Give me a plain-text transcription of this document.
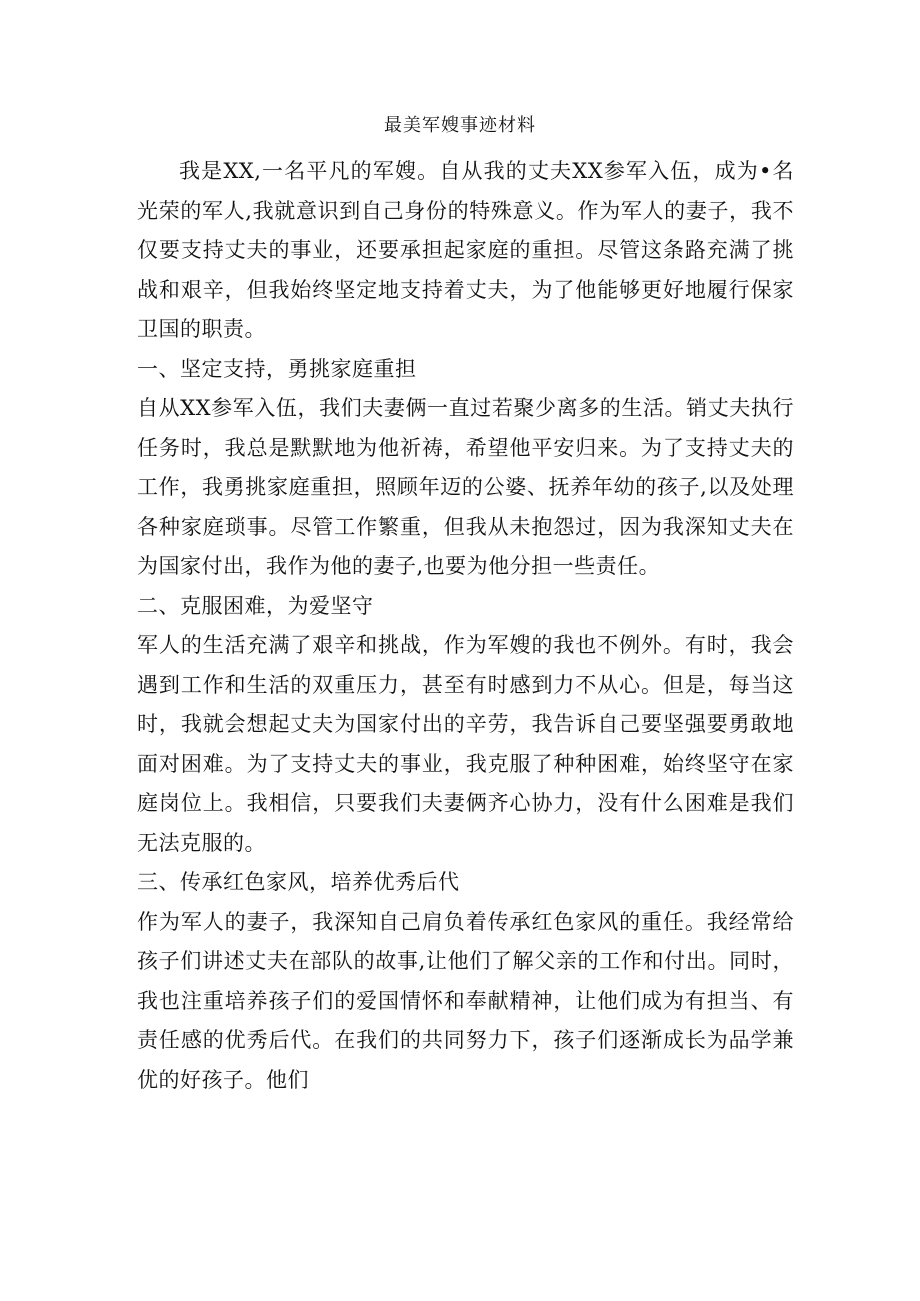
最美军嫂事迹材料

我是XX,一名平凡的军嫂。自从我的丈夫XX参军入伍，成为•名光荣的军人,我就意识到自己身份的特殊意义。作为军人的妻子，我不仅要支持丈夫的事业，还要承担起家庭的重担。尽管这条路充满了挑战和艰辛，但我始终坚定地支持着丈夫，为了他能够更好地履行保家卫国的职责。

一、坚定支持，勇挑家庭重担

自从XX参军入伍，我们夫妻俩一直过若聚少离多的生活。销丈夫执行任务时，我总是默默地为他祈祷，希望他平安归来。为了支持丈夫的工作，我勇挑家庭重担，照顾年迈的公婆、抚养年幼的孩子,以及处理各种家庭琐事。尽管工作繁重，但我从未抱怨过，因为我深知丈夫在为国家付出，我作为他的妻子,也要为他分担一些责任。

二、克服困难，为爱坚守

军人的生活充满了艰辛和挑战，作为军嫂的我也不例外。有时，我会遇到工作和生活的双重压力，甚至有时感到力不从心。但是，每当这时，我就会想起丈夫为国家付出的辛劳，我告诉自己要坚强要勇敢地面对困难。为了支持丈夫的事业，我克服了种种困难，始终坚守在家庭岗位上。我相信，只要我们夫妻俩齐心协力，没有什么困难是我们无法克服的。

三、传承红色家风，培养优秀后代

作为军人的妻子，我深知自己肩负着传承红色家风的重任。我经常给孩子们讲述丈夫在部队的故事,让他们了解父亲的工作和付出。同时，我也注重培养孩子们的爱国情怀和奉献精神，让他们成为有担当、有责任感的优秀后代。在我们的共同努力下，孩子们逐渐成长为品学兼优的好孩子。他们
